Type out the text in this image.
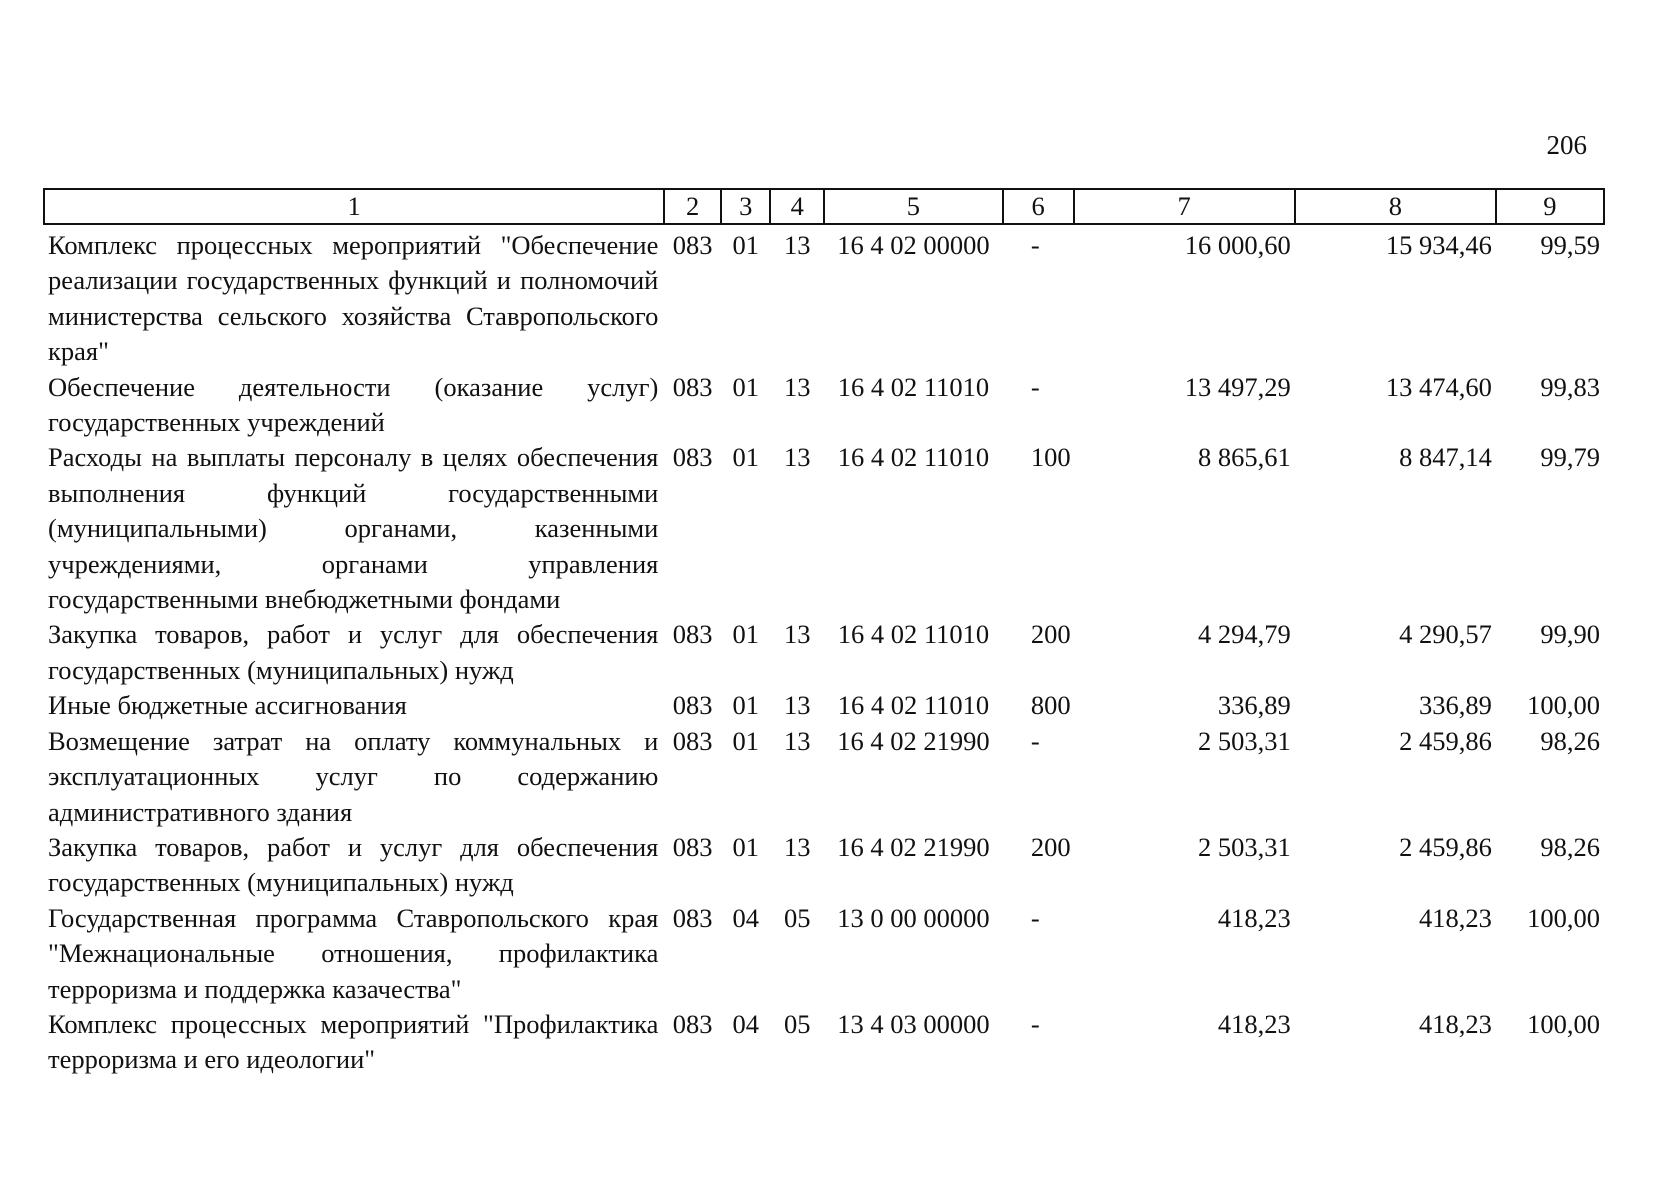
206
1	2	3	4	5	6	7	8	9
Комплекс процессных мероприятий "Обеспечение реализации государственных функций и полномочий министерства сельского хозяйства Ставропольского края"	083	01	13	16 4 02 00000	-	16 000,60	15 934,46	99,59
Обеспечение деятельности (оказание услуг) государственных учреждений	083	01	13	16 4 02 11010	-	13 497,29	13 474,60	99,83
Расходы на выплаты персоналу в целях обеспечения выполнения функций государственными (муниципальными) органами, казенными учреждениями, органами управления государственными внебюджетными фондами	083	01	13	16 4 02 11010	100	8 865,61	8 847,14	99,79
Закупка товаров, работ и услуг для обеспечения государственных (муниципальных) нужд	083	01	13	16 4 02 11010	200	4 294,79	4 290,57	99,90
Иные бюджетные ассигнования	083	01	13	16 4 02 11010	800	336,89	336,89	100,00
Возмещение затрат на оплату коммунальных и эксплуатационных услуг по содержанию административного здания	083	01	13	16 4 02 21990	-	2 503,31	2 459,86	98,26
Закупка товаров, работ и услуг для обеспечения государственных (муниципальных) нужд	083	01	13	16 4 02 21990	200	2 503,31	2 459,86	98,26
Государственная программа Ставропольского края "Межнациональные отношения, профилактика терроризма и поддержка казачества"	083	04	05	13 0 00 00000	-	418,23	418,23	100,00
Комплекс процессных мероприятий "Профилактика терроризма и его идеологии"	083	04	05	13 4 03 00000	-	418,23	418,23	100,00
